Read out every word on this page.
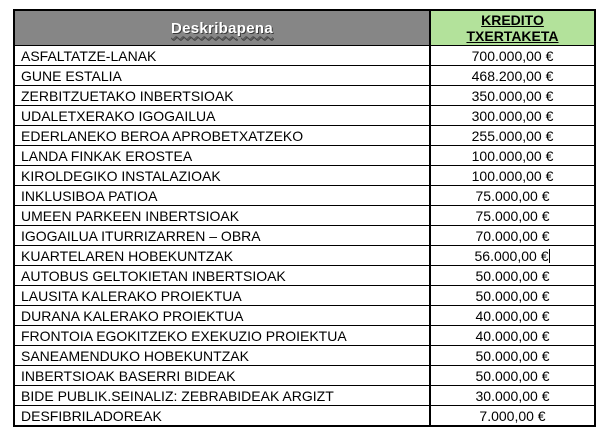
Deskribapena	KREDITO
TXERTAKETA

ASFALTATZE-LANAK	700.000,00 €
GUNE ESTALIA	468.200,00 €
ZERBITZUETAKO INBERTSIOAK	350.000,00 €
UDALETXERAKO IGOGAILUA	300.000,00 €
EDERLANEKO BEROA APROBETXATZEKO	255.000,00 €
LANDA FINKAK EROSTEA	100.000,00 €
KIROLDEGIKO INSTALAZIOAK	100.000,00 €
INKLUSIBOA PATIOA	75.000,00 €
UMEEN PARKEEN INBERTSIOAK	75.000,00 €
IGOGAILUA ITURRIZARREN – OBRA	70.000,00 €
KUARTELAREN HOBEKUNTZAK	56.000,00 €
AUTOBUS GELTOKIETAN INBERTSIOAK	50.000,00 €
LAUSITA KALERAKO PROIEKTUA	50.000,00 €
DURANA KALERAKO PROIEKTUA	40.000,00 €
FRONTOIA EGOKITZEKO EXEKUZIO PROIEKTUA	40.000,00 €
SANEAMENDUKO HOBEKUNTZAK	50.000,00 €
INBERTSIOAK BASERRI BIDEAK	50.000,00 €
BIDE PUBLIK.SEINALIZ: ZEBRABIDEAK ARGIZT	30.000,00 €
DESFIBRILADOREAK	7.000,00 €
